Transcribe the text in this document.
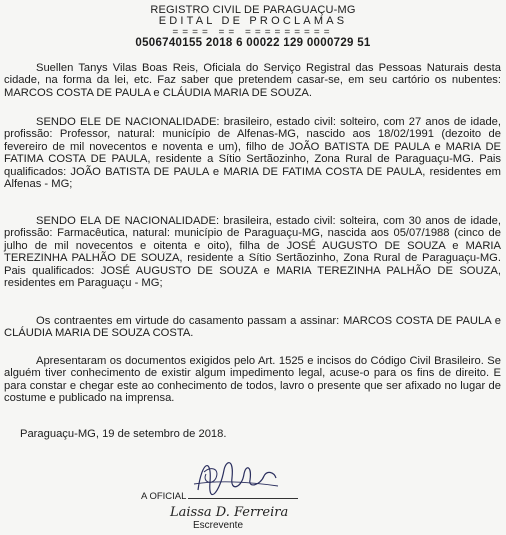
REGISTRO CIVIL DE PARAGUAÇU-MG
EDITAL DE PROCLAMAS
==== == =========
0506740155 2018 6 00022 129 0000729 51

Suellen Tanys Vilas Boas Reis, Oficiala do Serviço Registral das Pessoas Naturais desta cidade, na forma da lei, etc. Faz saber que pretendem casar-se, em seu cartório os nubentes: MARCOS COSTA DE PAULA e CLÁUDIA MARIA DE SOUZA.

SENDO ELE DE NACIONALIDADE: brasileiro, estado civil: solteiro, com 27 anos de idade, profissão: Professor, natural: município de Alfenas-MG, nascido aos 18/02/1991 (dezoito de fevereiro de mil novecentos e noventa e um), filho de JOÃO BATISTA DE PAULA e MARIA DE FATIMA COSTA DE PAULA, residente a Sítio Sertãozinho, Zona Rural de Paraguaçu-MG. Pais qualificados: JOÃO BATISTA DE PAULA e MARIA DE FATIMA COSTA DE PAULA, residentes em Alfenas - MG;

SENDO ELA DE NACIONALIDADE: brasileira, estado civil: solteira, com 30 anos de idade, profissão: Farmacêutica, natural: município de Paraguaçu-MG, nascida aos 05/07/1988 (cinco de julho de mil novecentos e oitenta e oito), filha de JOSÉ AUGUSTO DE SOUZA e MARIA TEREZINHA PALHÃO DE SOUZA, residente a Sítio Sertãozinho, Zona Rural de Paraguaçu-MG. Pais qualificados: JOSÉ AUGUSTO DE SOUZA e MARIA TEREZINHA PALHÃO DE SOUZA, residentes em Paraguaçu - MG;

Os contraentes em virtude do casamento passam a assinar: MARCOS COSTA DE PAULA e CLÁUDIA MARIA DE SOUZA COSTA.

Apresentaram os documentos exigidos pelo Art. 1525 e incisos do Código Civil Brasileiro. Se alguém tiver conhecimento de existir algum impedimento legal, acuse-o para os fins de direito. E para constar e chegar este ao conhecimento de todos, lavro o presente que ser afixado no lugar de costume e publicado na imprensa.

Paraguaçu-MG, 19 de setembro de 2018.
A OFICIAL
Laissa D. Ferreira
Escrevente
